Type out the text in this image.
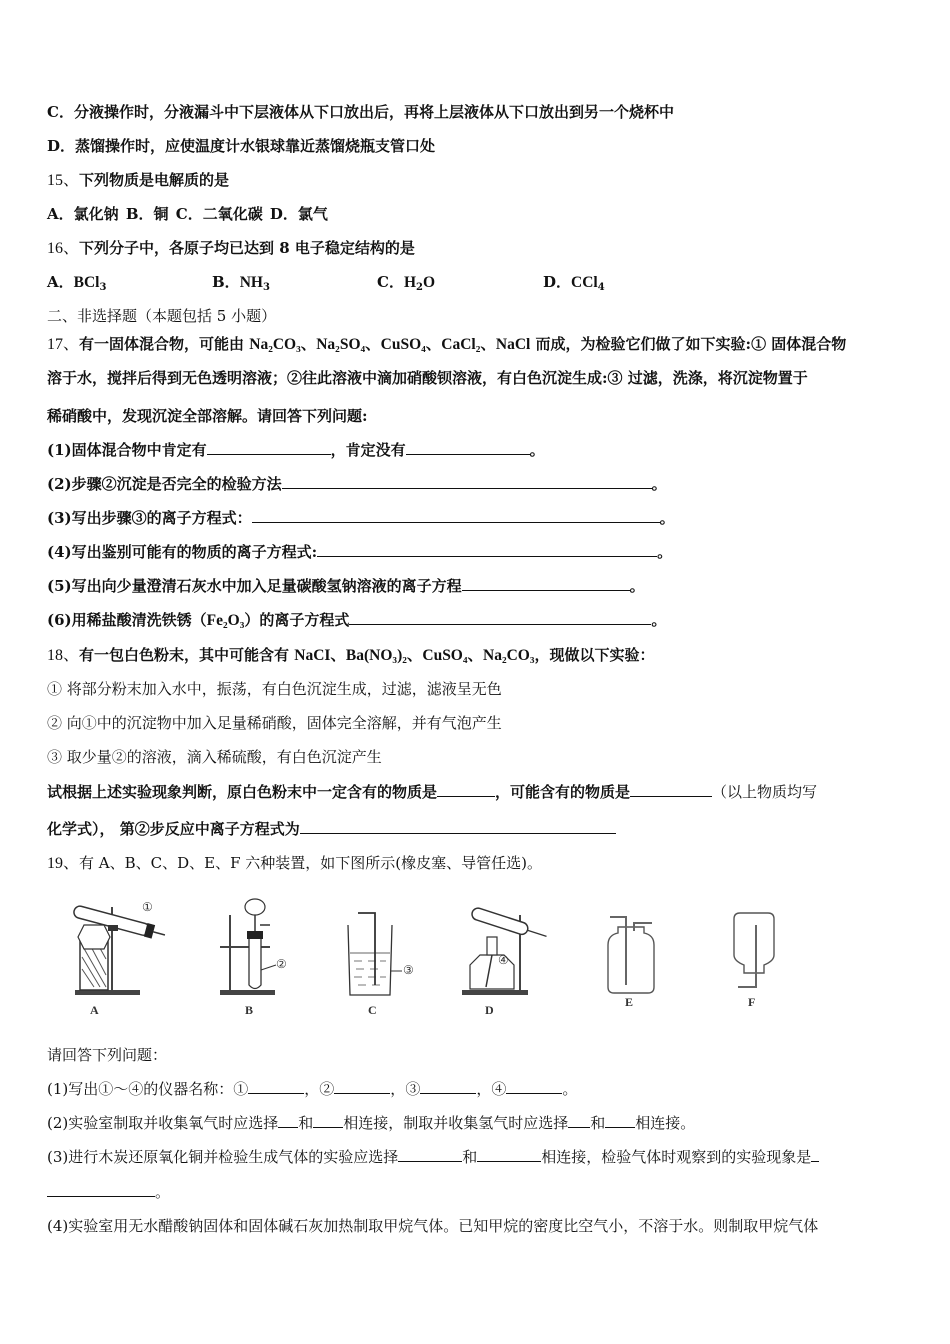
C．分液操作时，分液漏斗中下层液体从下口放出后，再将上层液体从下口放出到另一个烧杯中
D．蒸馏操作时，应使温度计水银球靠近蒸馏烧瓶支管口处
15、下列物质是电解质的是
A．氯化钠 B．铜 C．二氧化碳 D．氯气
16、下列分子中，各原子均已达到 8 电子稳定结构的是
A．BCl$_3$	B．$NH_3$	C．$H_2O$	D．CCl$_4$
二、非选择题（本题包括 5 小题）
17、有一固体混合物，可能由 Na₂CO₃、Na₂SO₄、CuSO₄、CaCl₂、NaCl 而成，为检验它们做了如下实验:① 固体混合物
溶于水，搅拌后得到无色透明溶液；②往此溶液中滴加硝酸钡溶液，有白色沉淀生成:③ 过滤，洗涤，将沉淀物置于
稀硝酸中，发现沉淀全部溶解。请回答下列问题:
(1)固体混合物中肯定有	，肯定没有	。
(2)步骤②沉淀是否完全的检验方法	。
(3)写出步骤③的离子方程式：	。
(4)写出鉴别可能有的物质的离子方程式:	。
(5)写出向少量澄清石灰水中加入足量碳酸氢钠溶液的离子方程	。
(6)用稀盐酸清洗铁锈（Fe₂O₃）的离子方程式	。
18、有一包白色粉末，其中可能含有 NaCI、Ba(NO₃)₂、CuSO₄、Na₂CO₃，现做以下实验：
① 将部分粉末加入水中，振荡，有白色沉淀生成，过滤，滤液呈无色
② 向①中的沉淀物中加入足量稀硝酸，固体完全溶解，并有气泡产生
③ 取少量②的溶液，滴入稀硫酸，有白色沉淀产生
试根据上述实验现象判断，原白色粉末中一定含有的物质是	，可能含有的物质是	（以上物质均写
化学式）， 第②步反应中离子方程式为
19、有 A、B、C、D、E、F 六种装置，如下图所示(橡皮塞、导管任选)。
A
①
B
②
C
③
D
④
E	F
请回答下列问题：
(1)写出①～④的仪器名称：①	，②	，③	，④	。
(2)实验室制取并收集氧气时应选择 和 相连接，制取并收集氢气时应选择 和 相连接。
(3)进行木炭还原氧化铜并检验生成气体的实验应选择	和	相连接，检验气体时观察到的实验现象是
。
(4)实验室用无水醋酸钠固体和固体碱石灰加热制取甲烷气体。已知甲烷的密度比空气小，不溶于水。则制取甲烷气体
